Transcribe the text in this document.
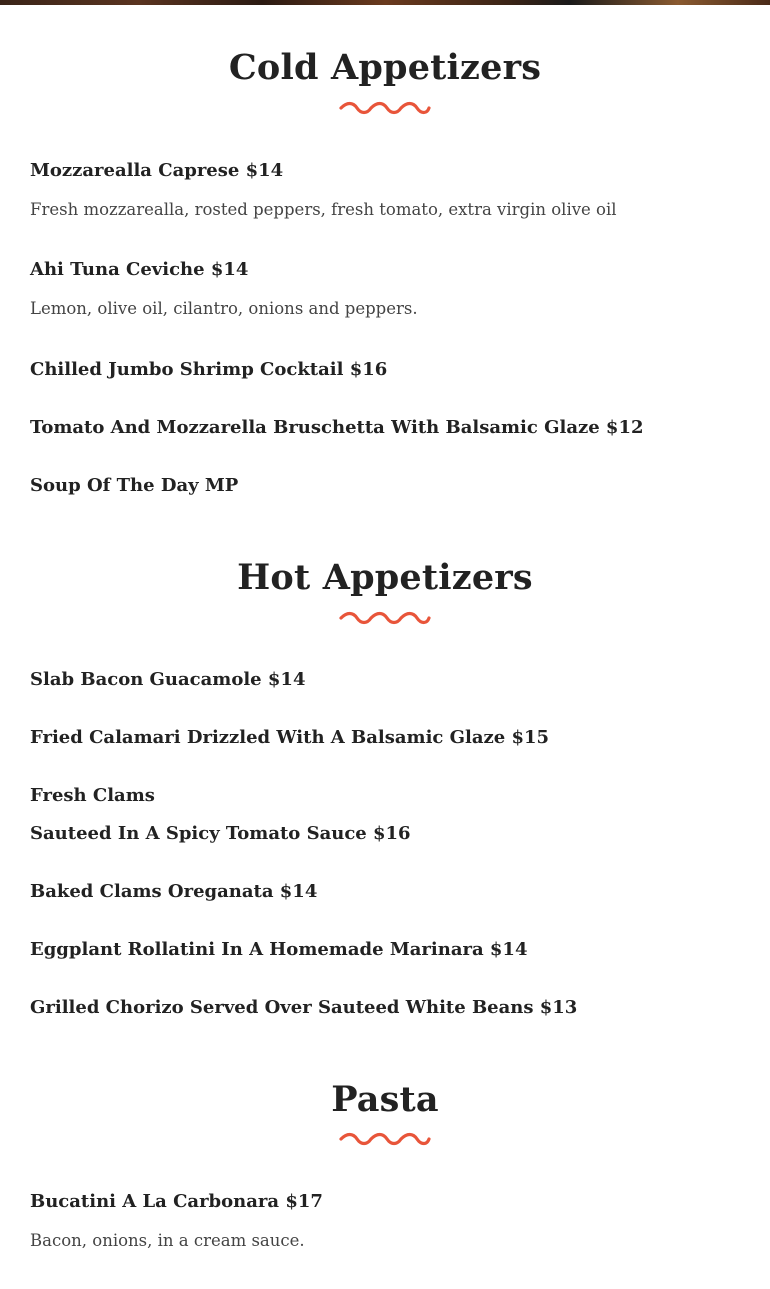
Cold Appetizers
Mozzarealla Caprese $14
Fresh mozzarealla, rosted peppers, fresh tomato, extra virgin olive oil
Ahi Tuna Ceviche $14
Lemon, olive oil, cilantro, onions and peppers.
Chilled Jumbo Shrimp Cocktail $16
Tomato And Mozzarella Bruschetta With Balsamic Glaze $12
Soup Of The Day MP
Hot Appetizers
Slab Bacon Guacamole $14
Fried Calamari Drizzled With A Balsamic Glaze $15
Fresh Clams
Sauteed In A Spicy Tomato Sauce $16
Baked Clams Oreganata $14
Eggplant Rollatini In A Homemade Marinara $14
Grilled Chorizo Served Over Sauteed White Beans $13
Pasta
Bucatini A La Carbonara $17
Bacon, onions, in a cream sauce.
